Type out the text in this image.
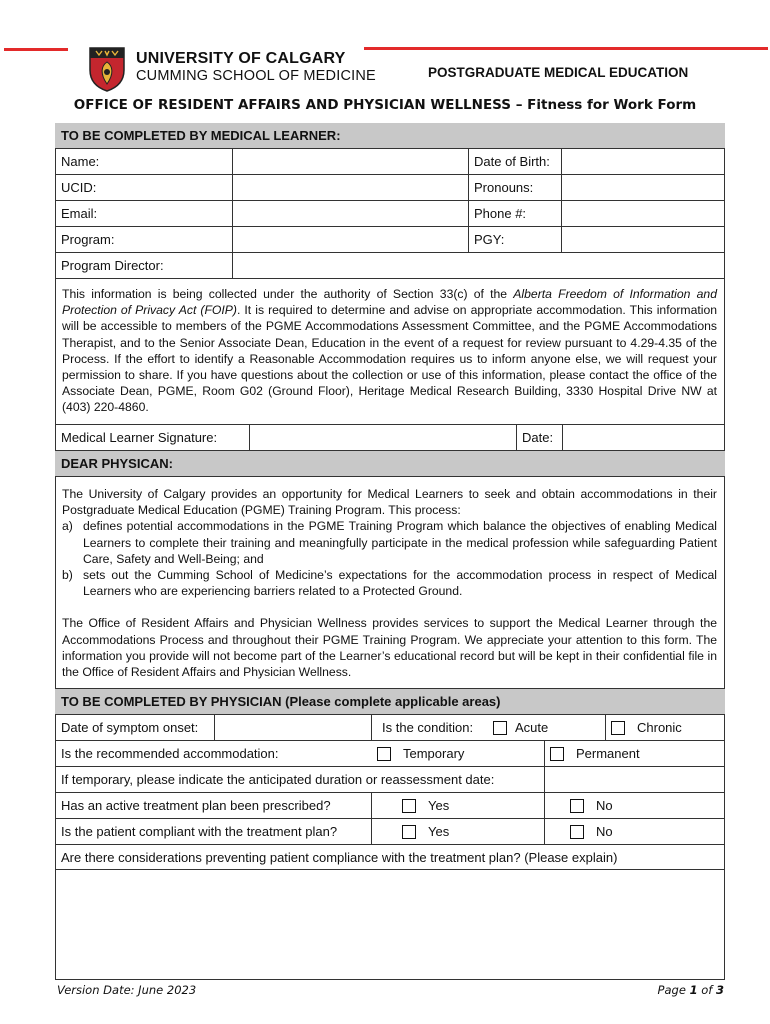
UNIVERSITY OF CALGARY
CUMMING SCHOOL OF MEDICINE	POSTGRADUATE MEDICAL EDUCATION
OFFICE OF RESIDENT AFFAIRS AND PHYSICIAN WELLNESS – Fitness for Work Form
TO BE COMPLETED BY MEDICAL LEARNER:
Name:	Date of Birth:
UCID:	Pronouns:
Email:	Phone #:
Program:	PGY:
Program Director:
This information is being collected under the authority of Section 33(c) of the Alberta Freedom of Information and Protection of Privacy Act (FOIP). It is required to determine and advise on appropriate accommodation. This information will be accessible to members of the PGME Accommodations Assessment Committee, and the PGME Accommodations Therapist, and to the Senior Associate Dean, Education in the event of a request for review pursuant to 4.29-4.35 of the Process. If the effort to identify a Reasonable Accommodation requires us to inform anyone else, we will request your permission to share. If you have questions about the collection or use of this information, please contact the office of the Associate Dean, PGME, Room G02 (Ground Floor), Heritage Medical Research Building, 3330 Hospital Drive NW at (403) 220-4860.
Medical Learner Signature:	Date:
DEAR PHYSICAN:
The University of Calgary provides an opportunity for Medical Learners to seek and obtain accommodations in their Postgraduate Medical Education (PGME) Training Program. This process:
a) defines potential accommodations in the PGME Training Program which balance the objectives of enabling Medical Learners to complete their training and meaningfully participate in the medical profession while safeguarding Patient Care, Safety and Well-Being; and
b) sets out the Cumming School of Medicine’s expectations for the accommodation process in respect of Medical Learners who are experiencing barriers related to a Protected Ground.
The Office of Resident Affairs and Physician Wellness provides services to support the Medical Learner through the Accommodations Process and throughout their PGME Training Program. We appreciate your attention to this form. The information you provide will not become part of the Learner’s educational record but will be kept in their confidential file in the Office of Resident Affairs and Physician Wellness.
TO BE COMPLETED BY PHYSICIAN (Please complete applicable areas)
Date of symptom onset:	Is the condition:	Acute	Chronic
Is the recommended accommodation:	Temporary	Permanent
If temporary, please indicate the anticipated duration or reassessment date:
Has an active treatment plan been prescribed?	Yes	No
Is the patient compliant with the treatment plan?	Yes	No
Are there considerations preventing patient compliance with the treatment plan? (Please explain)
Version Date: June 2023	Page 1 of 3
